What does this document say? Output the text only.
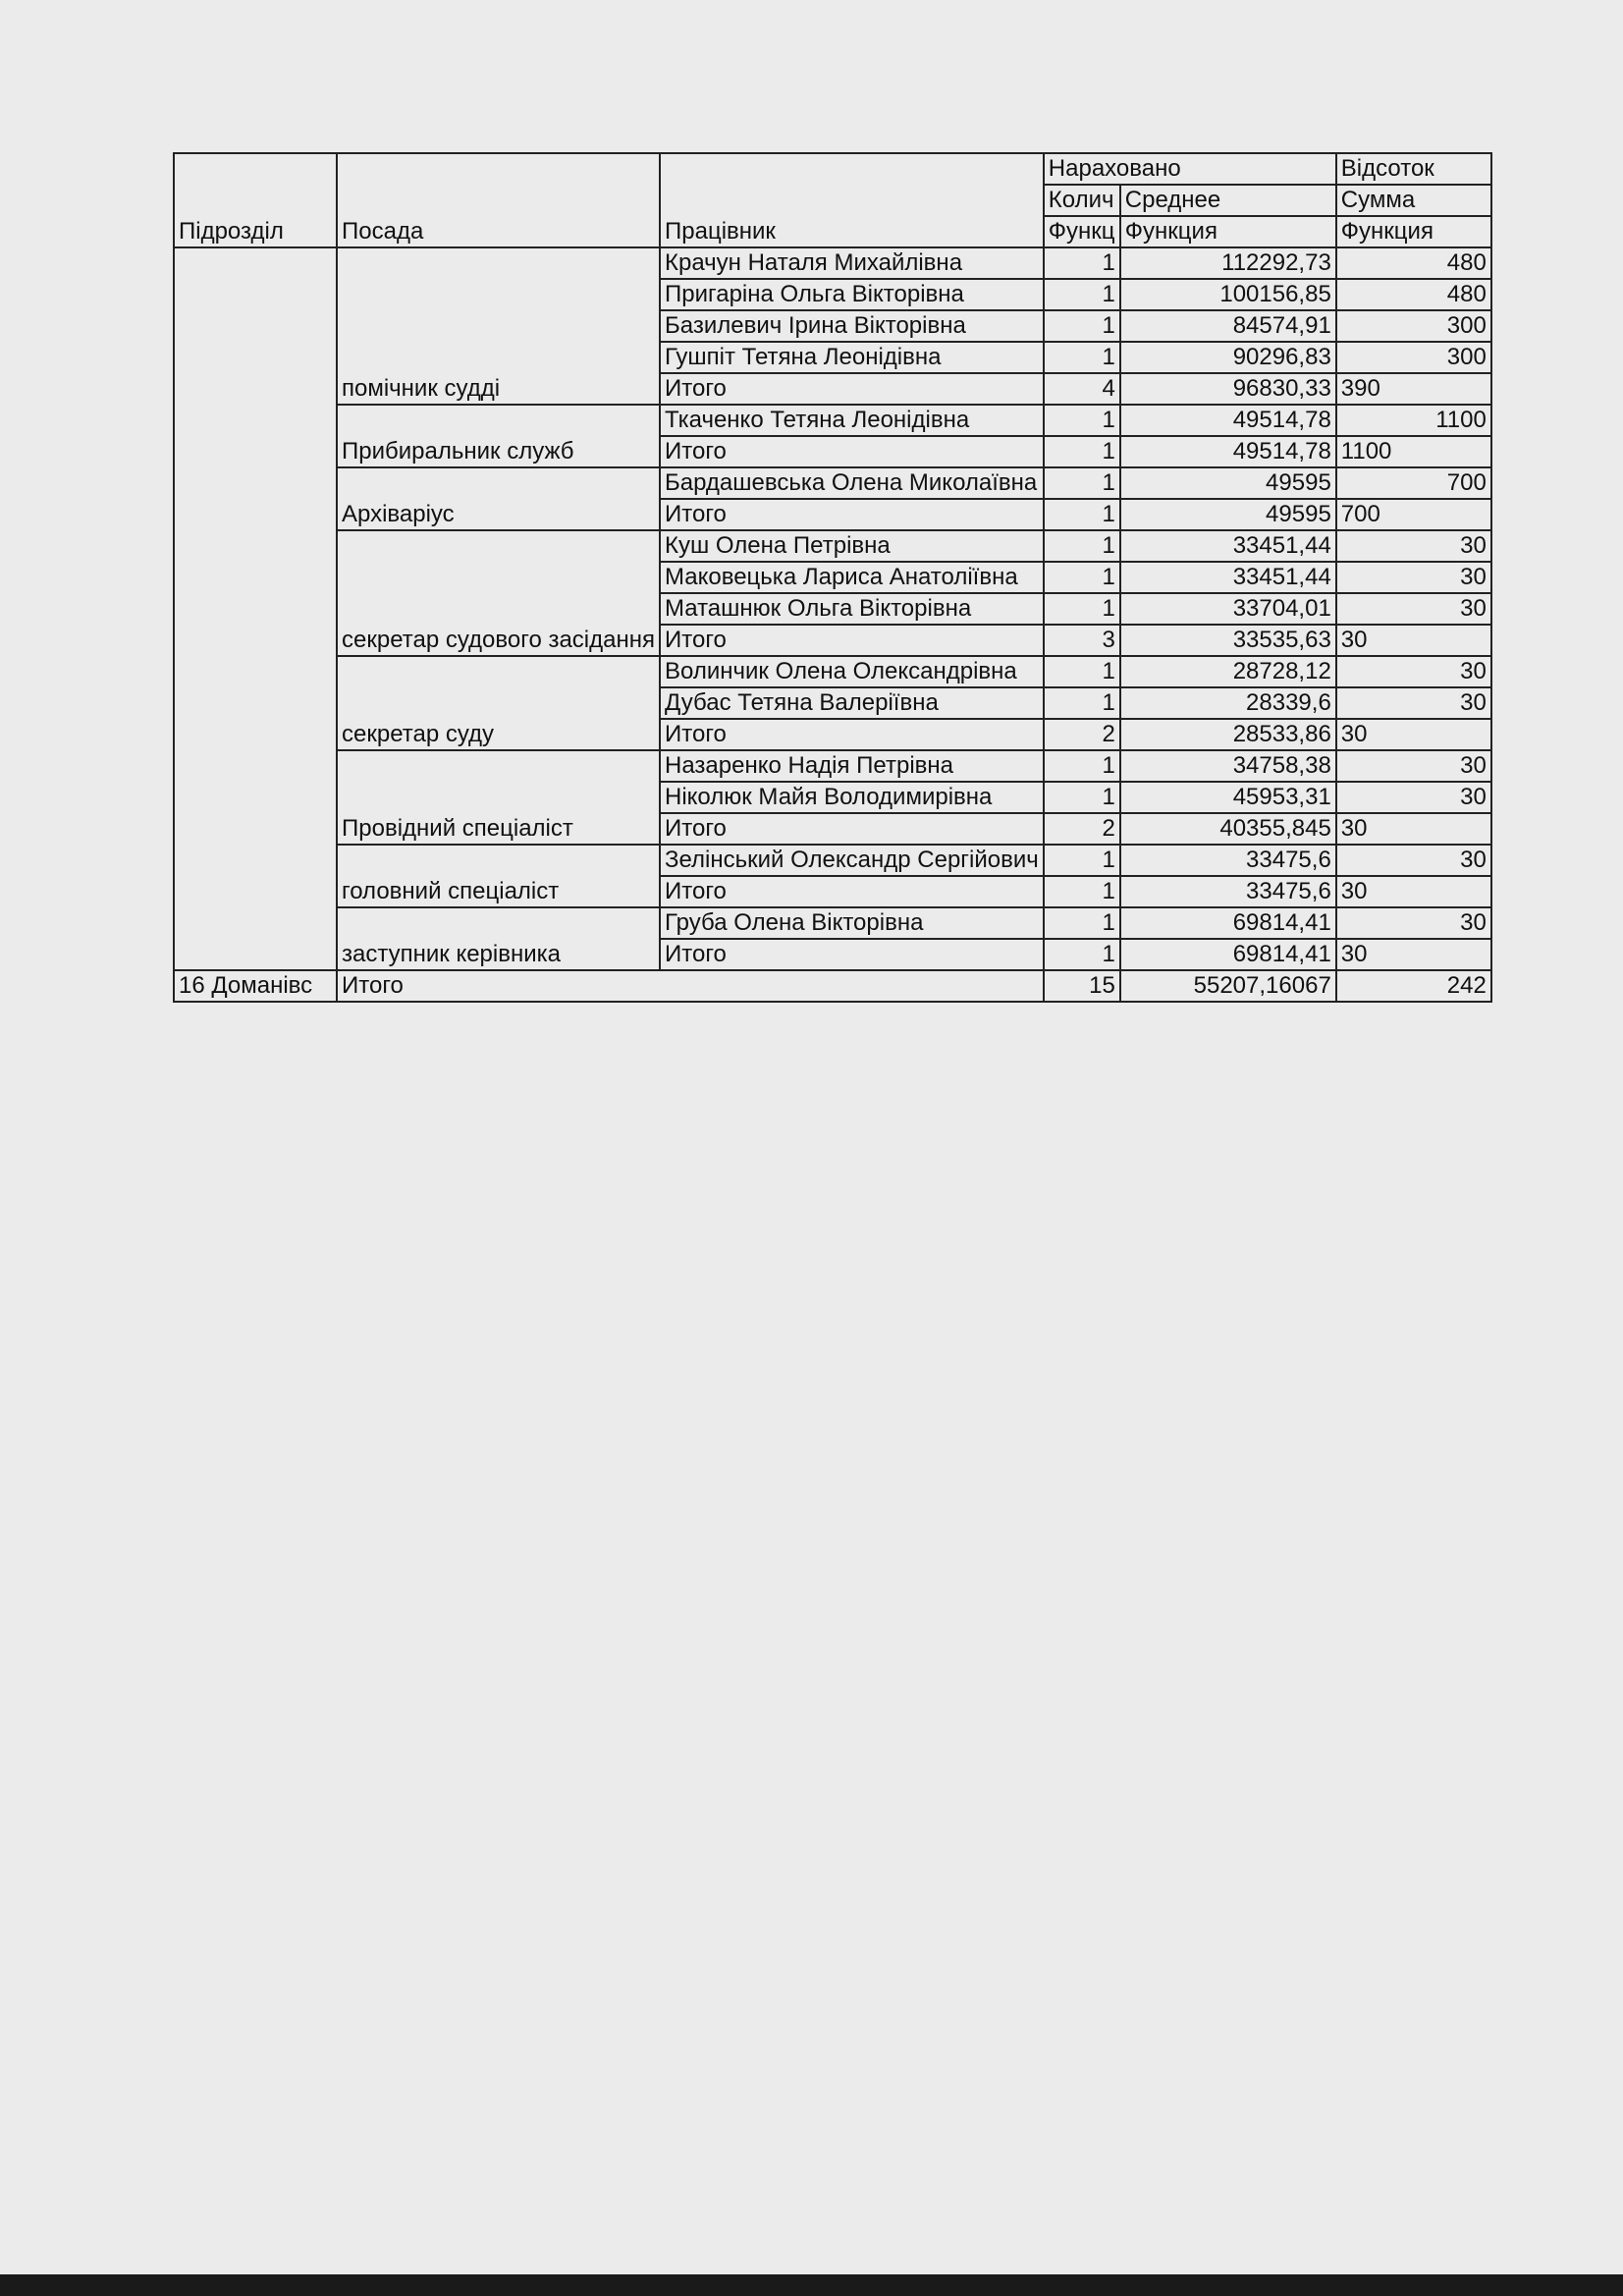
Підрозділ	Посада	Працівник	Нараховано		Відсоток
			Колич	Среднее	Сумма
			Функц	Функция	Функция
	помічник судді	Крачун Наталя Михайлівна	1	112292,73	480
		Пригаріна Ольга Вікторівна	1	100156,85	480
		Базилевич Ірина Вікторівна	1	84574,91	300
		Гушпіт Тетяна Леонідівна	1	90296,83	300
		Итого	4	96830,33	390
	Прибиральник служб	Ткаченко Тетяна Леонідівна	1	49514,78	1100
		Итого	1	49514,78	1100
	Архіваріус	Бардашевська Олена Миколаївна	1	49595	700
		Итого	1	49595	700
	секретар судового засідання	Куш Олена Петрівна	1	33451,44	30
		Маковецька Лариса Анатоліївна	1	33451,44	30
		Маташнюк Ольга Вікторівна	1	33704,01	30
		Итого	3	33535,63	30
	секретар суду	Волинчик Олена Олександрівна	1	28728,12	30
		Дубас Тетяна Валеріївна	1	28339,6	30
		Итого	2	28533,86	30
	Провідний спеціаліст	Назаренко Надія Петрівна	1	34758,38	30
		Ніколюк Майя Володимирівна	1	45953,31	30
		Итого	2	40355,845	30
	головний спеціаліст	Зелінський Олександр Сергійович	1	33475,6	30
		Итого	1	33475,6	30
	заступник керівника	Груба Олена Вікторівна	1	69814,41	30
		Итого	1	69814,41	30
16 Доманівс	Итого		15	55207,16067	242
